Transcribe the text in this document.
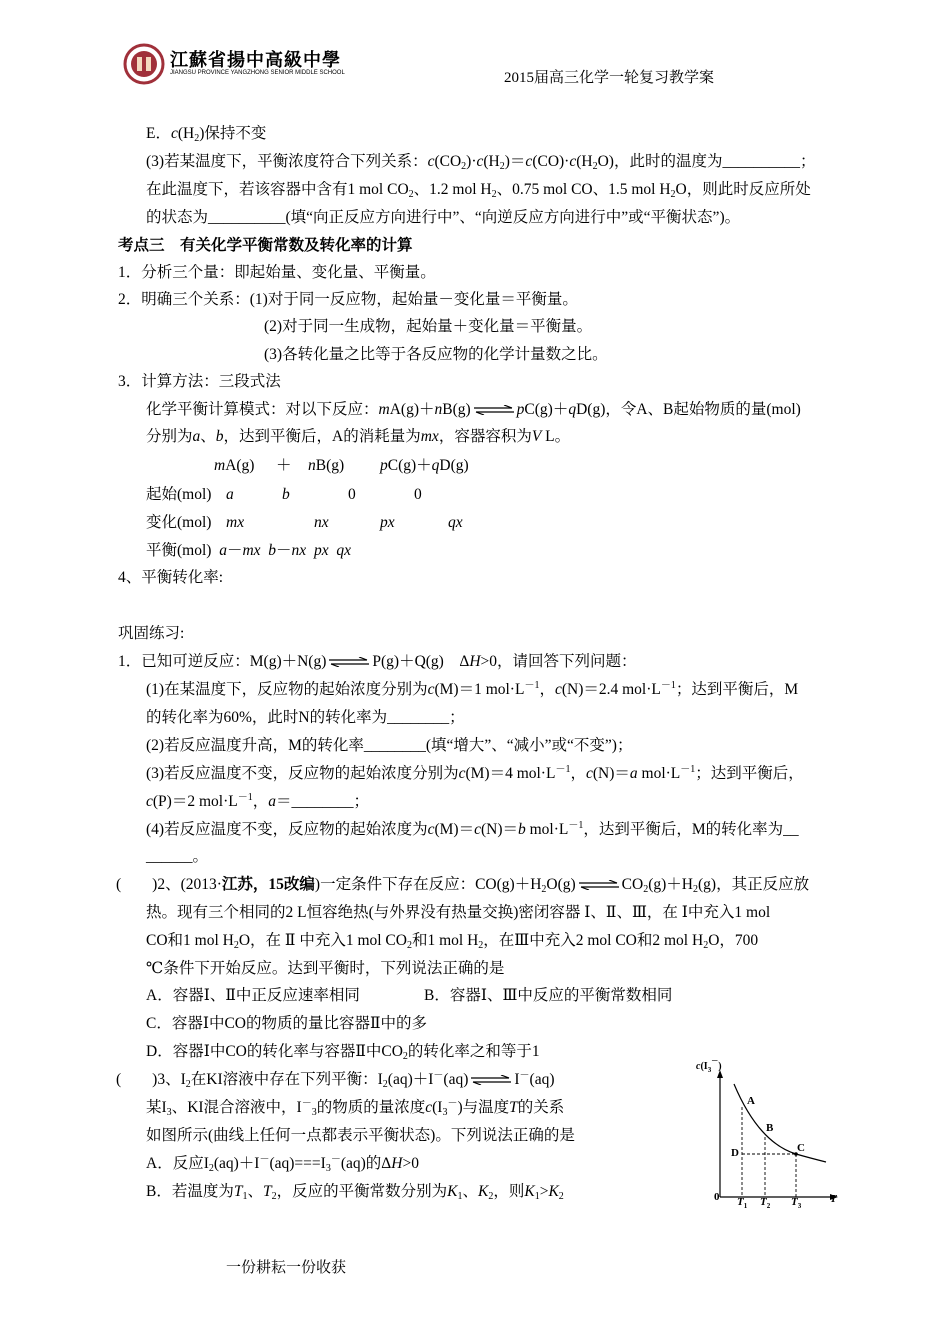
江蘇省揚中高級中學
JIANGSU PROVINCE YANGZHONG SENIOR MIDDLE SCHOOL	2015届高三化学一轮复习教学案
E．$c(H_2)$保持不变
(3)若某温度下，平衡浓度符合下列关系：$c(CO_2)\cdot c(H_2)=c(CO)\cdot c(H_2O)$，此时的温度为__________；
在此温度下，若该容器中含有1 mol $CO_2$、1.2 mol $H_2$、0.75 mol CO、1.5 mol $H_2O$，则此时反应所处
的状态为__________(填“向正反应方向进行中”、“向逆反应方向进行中”或“平衡状态”)。
考点三　有关化学平衡常数及转化率的计算
1．分析三个量：即起始量、变化量、平衡量。
2．明确三个关系：(1)对于同一反应物，起始量－变化量＝平衡量。
(2)对于同一生成物，起始量＋变化量＝平衡量。
(3)各转化量之比等于各反应物的化学计量数之比。
3．计算方法：三段式法
化学平衡计算模式：对以下反应：mA(g)＋nB(g)⇌pC(g)＋qD(g)，令A、B起始物质的量(mol)
分别为a、b，达到平衡后，A的消耗量为mx，容器容积为V L。
mA(g) ＋ nB(g) pC(g)＋qD(g)
起始(mol) a	b	0	0
变化(mol) mx	nx	px	qx
平衡(mol) a－mx b－nx px qx
4、平衡转化率:
巩固练习:
1．已知可逆反应：M(g)＋N(g)⇌P(g)＋Q(g)　ΔH>0，请回答下列问题：
(1)在某温度下，反应物的起始浓度分别为c(M)＝1 $mol\cdot L^{-1}$，c(N)＝2.4 $mol\cdot L^{-1}$；达到平衡后，M
的转化率为60%，此时N的转化率为________；
(2)若反应温度升高，M的转化率________(填“增大”、“减小”或“不变”)；
(3)若反应温度不变，反应物的起始浓度分别为c(M)＝4 $mol\cdot L^{-1}$，c(N)＝a $mol\cdot L^{-1}$；达到平衡后，
c(P)＝2 $mol\cdot L^{-1}$，a＝________；
(4)若反应温度不变，反应物的起始浓度为c(M)＝c(N)＝b $mol\cdot L^{-1}$，达到平衡后，M的转化率为__
______。
(　　)2、(2013·江苏，15改编)一定条件下存在反应：$CO(g)+H_2O(g)\rightleftharpoons CO_2(g)+H_2(g)$，其正反应放
热。现有三个相同的2 L恒容绝热(与外界没有热量交换)密闭容器 Ⅰ、Ⅱ、Ⅲ，在 Ⅰ中充入1 mol
CO和1 mol $H_2O$，在 Ⅱ 中充入1 mol $CO_2$和1 mol $H_2$，在Ⅲ中充入2 mol CO和2 mol $H_2O$，700
℃条件下开始反应。达到平衡时，下列说法正确的是
A．容器Ⅰ、Ⅱ中正反应速率相同	B．容器Ⅰ、Ⅲ中反应的平衡常数相同
C．容器Ⅰ中CO的物质的量比容器Ⅱ中的多
D．容器Ⅰ中CO的转化率与容器Ⅱ中$CO_2$的转化率之和等于1
(　　)3、$I_2$在KI溶液中存在下列平衡：$I_2(aq)+I^-(aq)\rightleftharpoons I^-(aq)$
某$I_3$、KI混合溶液中，$I^-_3$的物质的量浓度$c(I_3^-)$与温度T的关系
如图所示(曲线上任何一点都表示平衡状态)。下列说法正确的是
A．反应$I_2(aq)+I^-(aq)===I_3^-(aq)$的ΔH>0
B．若温度为$T_1$、$T_2$，反应的平衡常数分别为$K_1$、$K_2$，则$K_1>K_2$
$c(I_3^-)$
0	T
$T_1$ $T_2$ $T_3$
A
B
C
D
一份耕耘一份收获
